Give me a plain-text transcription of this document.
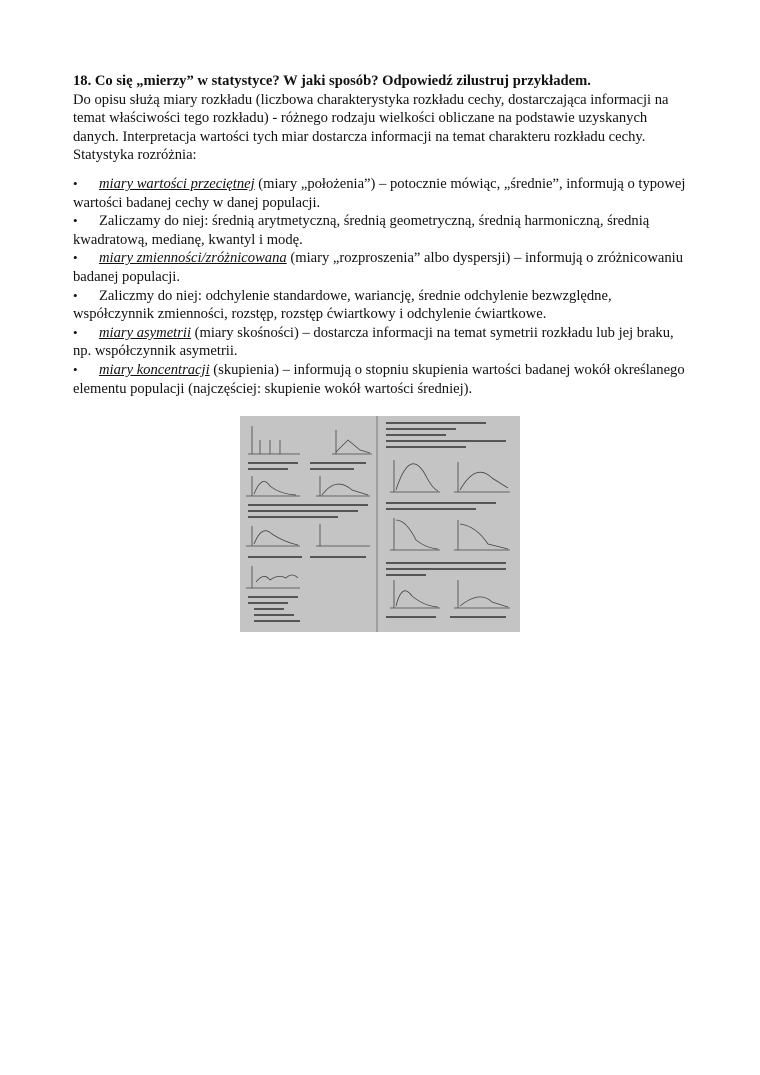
18. Co się „mierzy” w statystyce? W jaki sposób? Odpowiedź zilustruj przykładem.

Do opisu służą miary rozkładu (liczbowa charakterystyka rozkładu cechy, dostarczająca informacji na temat właściwości tego rozkładu) - różnego rodzaju wielkości obliczane na podstawie uzyskanych danych. Interpretacja wartości tych miar dostarcza informacji na temat charakteru rozkładu cechy.

Statystyka rozróżnia:

• miary wartości przeciętnej (miary „położenia”) – potocznie mówiąc, „średnie”, informują o typowej wartości badanej cechy w danej populacji.

• Zaliczamy do niej: średnią arytmetyczną, średnią geometryczną, średnią harmoniczną, średnią kwadratową, medianę, kwantyl i modę.

• miary zmienności/zróżnicowana (miary „rozproszenia” albo dyspersji) – informują o zróżnicowaniu badanej populacji.

• Zaliczmy do niej: odchylenie standardowe, wariancję, średnie odchylenie bezwzględne, współczynnik zmienności, rozstęp, rozstęp ćwiartkowy i odchylenie ćwiartkowe.

• miary asymetrii (miary skośności) – dostarcza informacji na temat symetrii rozkładu lub jej braku, np. współczynnik asymetrii.

• miary koncentracji (skupienia) – informują o stopniu skupienia wartości badanej wokół określanego elementu populacji (najczęściej: skupienie wokół wartości średniej).
